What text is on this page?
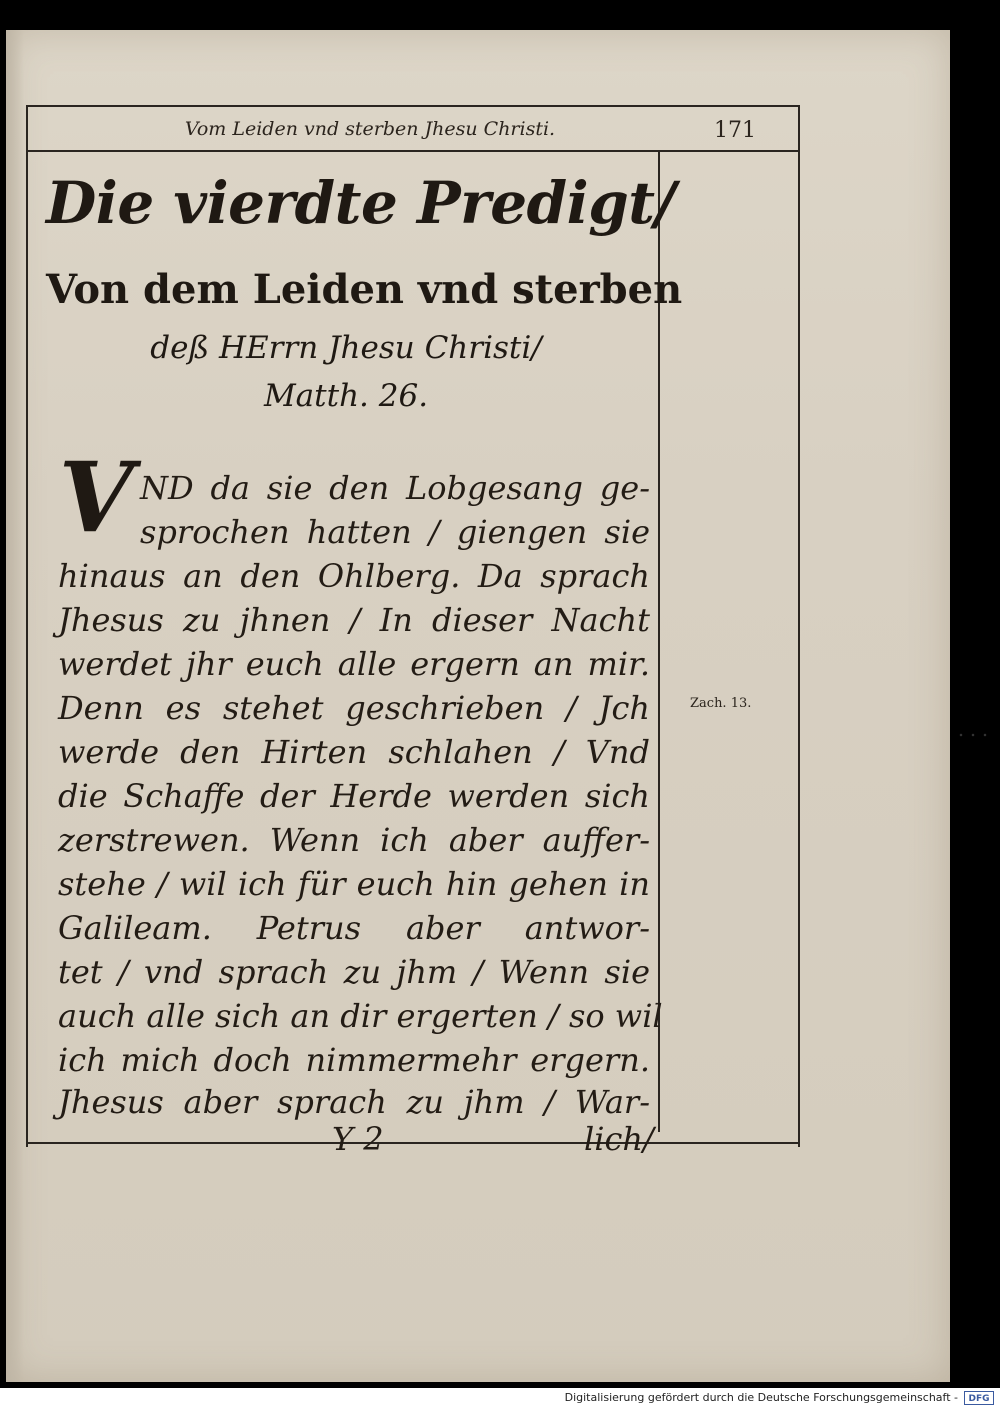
Vom Leiden vnd sterben Jhesu Christi.	171
Die vierdte Predigt/
Von dem Leiden vnd sterben
deß HErrn Jhesu Christi/
Matth. 26.
V ND da sie den Lobgesang ge-
sprochen hatten / giengen sie
hinaus an den Ohlberg. Da sprach
Jhesus zu jhnen / In dieser Nacht
werdet jhr euch alle ergern an mir.
Denn es stehet geschrieben / Jch
werde den Hirten schlahen / Vnd
die Schaffe der Herde werden sich
zerstrewen. Wenn ich aber auffer-
stehe / wil ich für euch hin gehen in
Galileam. Petrus aber antwor-
tet / vnd sprach zu jhm / Wenn sie
auch alle sich an dir ergerten / so wil
ich mich doch nimmermehr ergern.
Jhesus aber sprach zu jhm / War-
Zach. 13.
Y 2	lich/
Digitalisierung gefördert durch die Deutsche Forschungsgemeinschaft -	DFG
